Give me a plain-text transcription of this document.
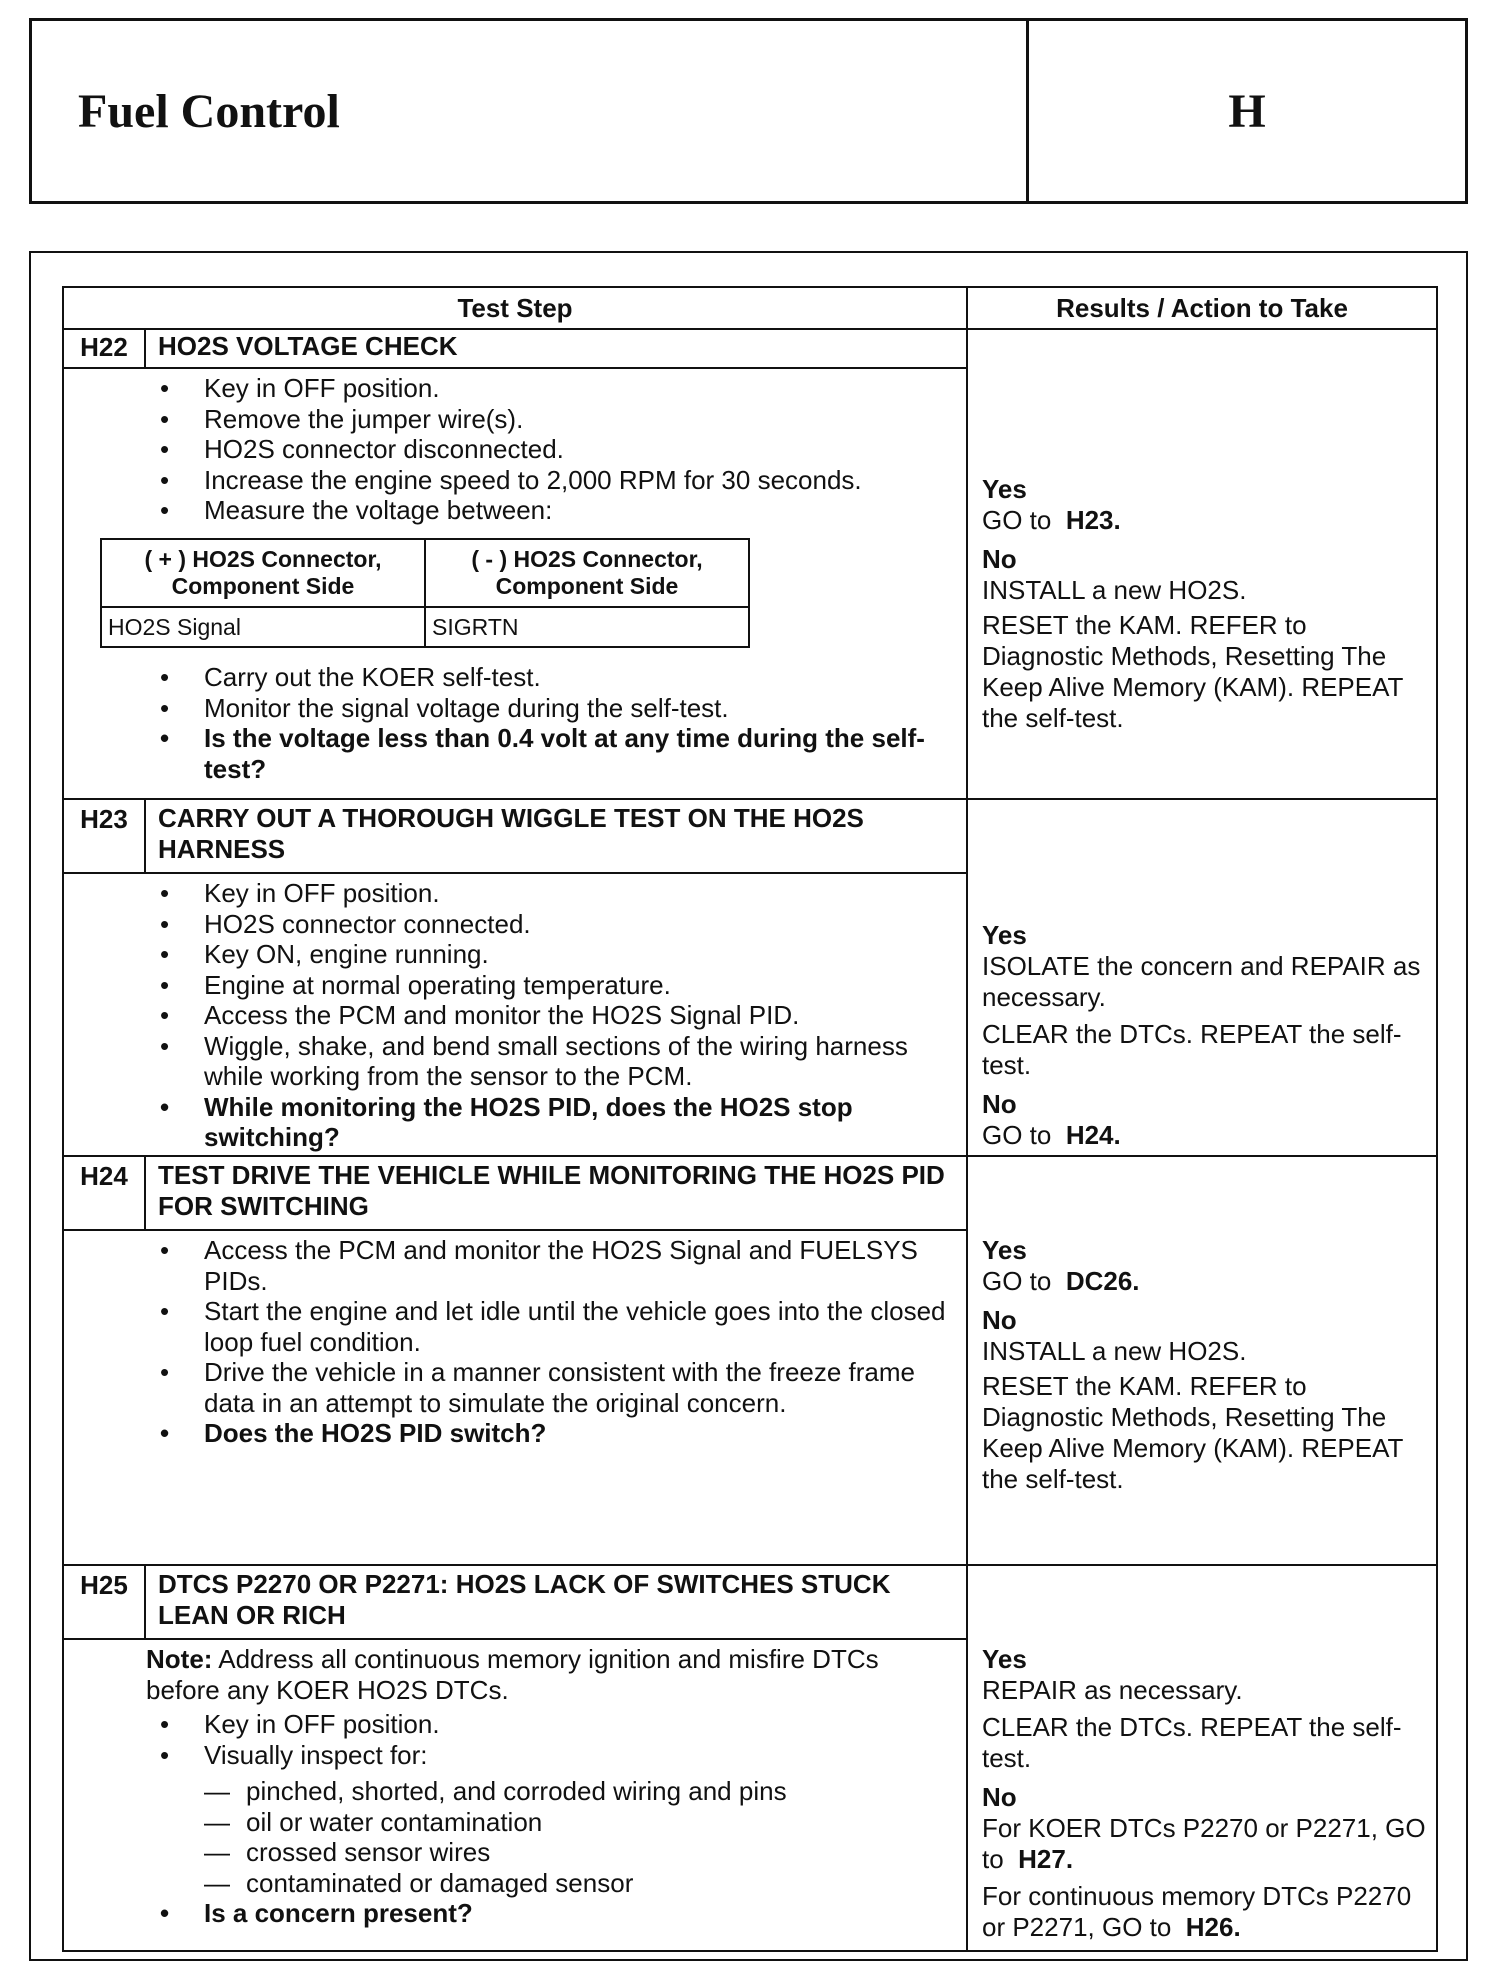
Fuel Control	H
Test Step	Results / Action to Take
H22	HO2S VOLTAGE CHECK
• Key in OFF position.
• Remove the jumper wire(s).
• HO2S connector disconnected.
• Increase the engine speed to 2,000 RPM for 30 seconds.
• Measure the voltage between:
( + ) HO2S Connector, Component Side	( - ) HO2S Connector, Component Side
HO2S Signal	SIGRTN
• Carry out the KOER self-test.
• Monitor the signal voltage during the self-test.
• Is the voltage less than 0.4 volt at any time during the self-test?
Yes
GO to H23.
No
INSTALL a new HO2S.
RESET the KAM. REFER to Diagnostic Methods, Resetting The Keep Alive Memory (KAM). REPEAT the self-test.
H23	CARRY OUT A THOROUGH WIGGLE TEST ON THE HO2S HARNESS
• Key in OFF position.
• HO2S connector connected.
• Key ON, engine running.
• Engine at normal operating temperature.
• Access the PCM and monitor the HO2S Signal PID.
• Wiggle, shake, and bend small sections of the wiring harness while working from the sensor to the PCM.
• While monitoring the HO2S PID, does the HO2S stop switching?
Yes
ISOLATE the concern and REPAIR as necessary.
CLEAR the DTCs. REPEAT the self-test.
No
GO to H24.
H24	TEST DRIVE THE VEHICLE WHILE MONITORING THE HO2S PID FOR SWITCHING
• Access the PCM and monitor the HO2S Signal and FUELSYS PIDs.
• Start the engine and let idle until the vehicle goes into the closed loop fuel condition.
• Drive the vehicle in a manner consistent with the freeze frame data in an attempt to simulate the original concern.
• Does the HO2S PID switch?
Yes
GO to DC26.
No
INSTALL a new HO2S.
RESET the KAM. REFER to Diagnostic Methods, Resetting The Keep Alive Memory (KAM). REPEAT the self-test.
H25	DTCS P2270 OR P2271: HO2S LACK OF SWITCHES STUCK LEAN OR RICH
Note: Address all continuous memory ignition and misfire DTCs before any KOER HO2S DTCs.
• Key in OFF position.
• Visually inspect for:
— pinched, shorted, and corroded wiring and pins
— oil or water contamination
— crossed sensor wires
— contaminated or damaged sensor
• Is a concern present?
Yes
REPAIR as necessary.
CLEAR the DTCs. REPEAT the self-test.
No
For KOER DTCs P2270 or P2271, GO to H27.
For continuous memory DTCs P2270 or P2271, GO to H26.
